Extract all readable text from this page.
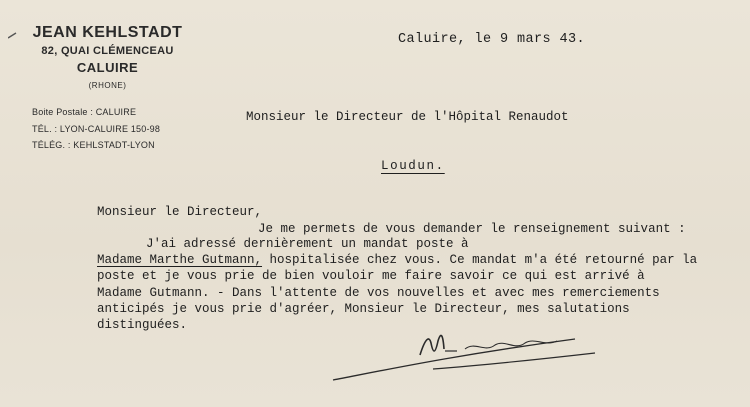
JEAN KEHLSTADT
82, QUAI CLÉMENCEAU
CALUIRE
(RHONE)
Boite Postale : CALUIRE
TÉL. : LYON-CALUIRE 150-98
TÉLÉG. : KEHLSTADT-LYON
Caluire, le 9 mars 43.
Monsieur le Directeur de l'Hôpital Renaudot
Loudun.
Monsieur le Directeur,
Je me permets de vous demander le renseignement suivant :
J'ai adressé dernièrement un mandat poste à
Madame Marthe Gutmann, hospitalisée chez vous. Ce mandat m'a été retourné par la
poste et je vous prie de bien vouloir me faire savoir ce qui est arrivé à
Madame Gutmann. - Dans l'attente de vos nouvelles et avec mes remerciements
anticipés je vous prie d'agréer, Monsieur le Directeur, mes salutations
distinguées.
